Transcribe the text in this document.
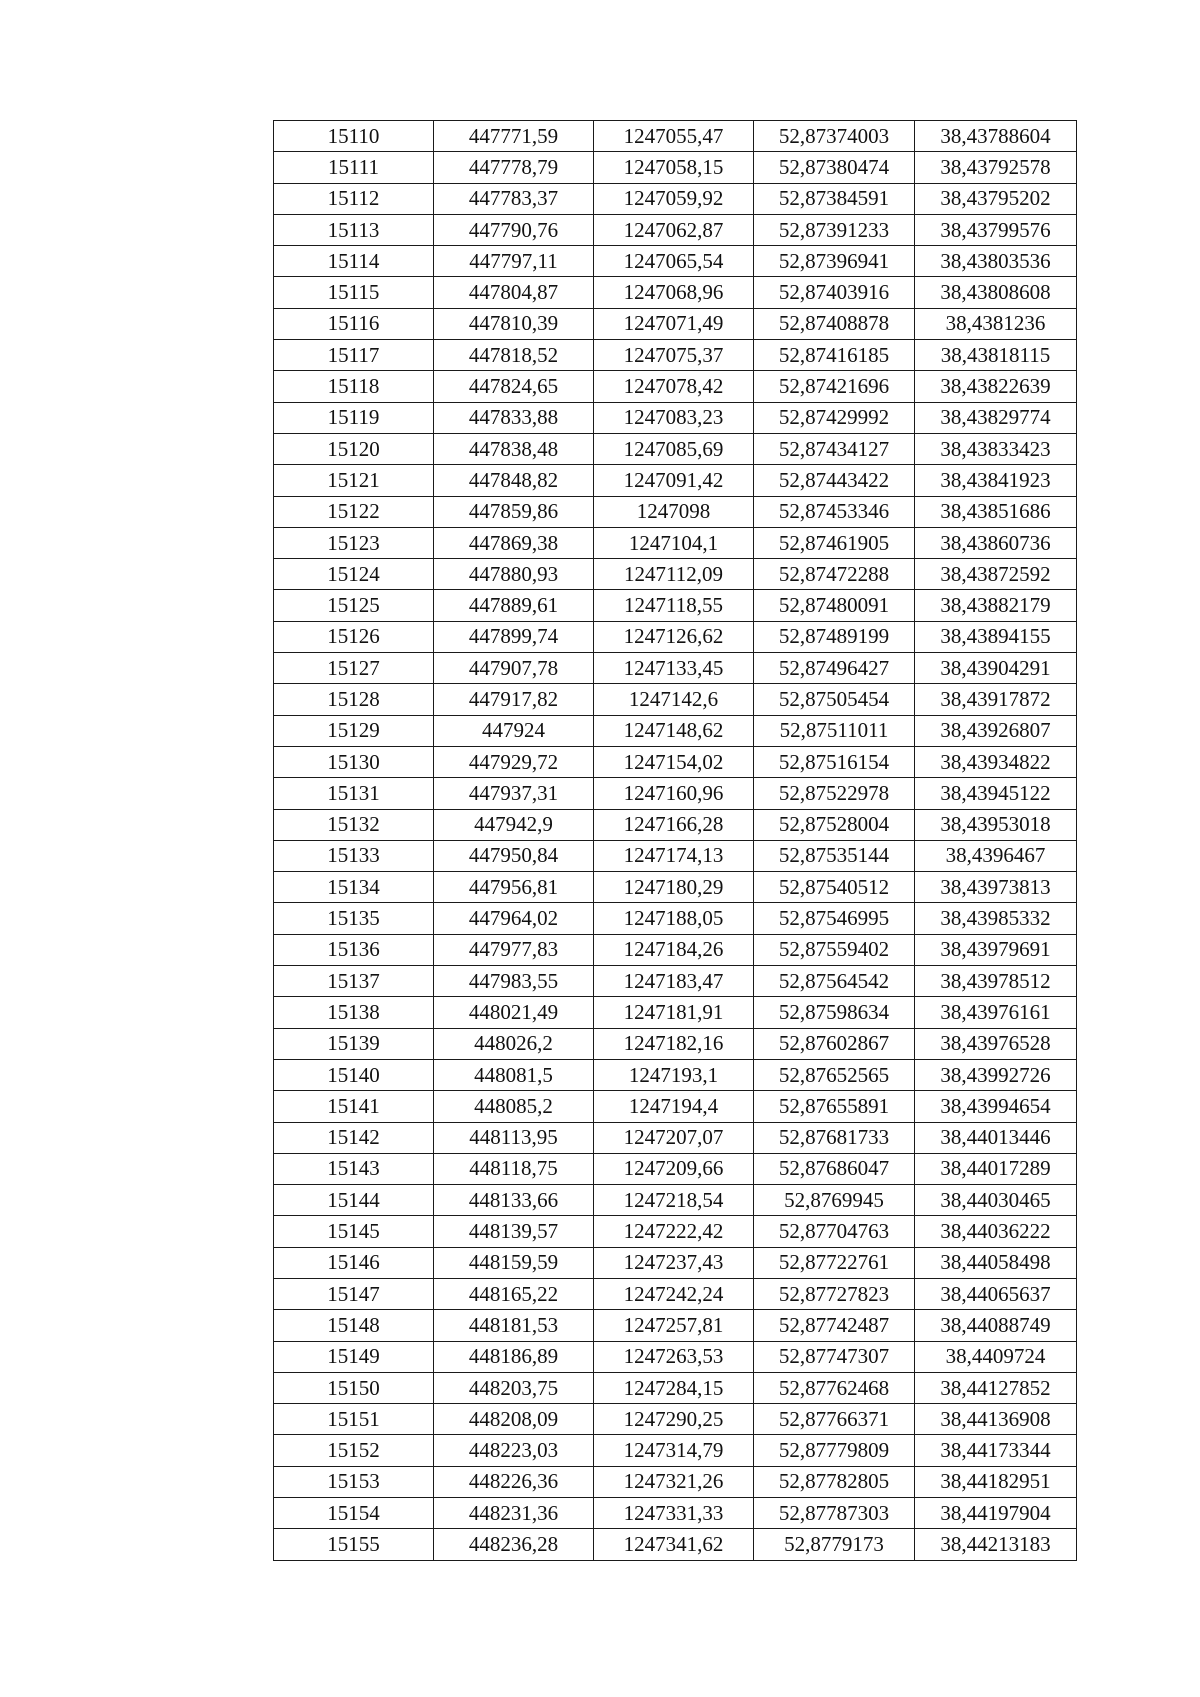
15110	447771,59	1247055,47	52,87374003	38,43788604
15111	447778,79	1247058,15	52,87380474	38,43792578
15112	447783,37	1247059,92	52,87384591	38,43795202
15113	447790,76	1247062,87	52,87391233	38,43799576
15114	447797,11	1247065,54	52,87396941	38,43803536
15115	447804,87	1247068,96	52,87403916	38,43808608
15116	447810,39	1247071,49	52,87408878	38,4381236
15117	447818,52	1247075,37	52,87416185	38,43818115
15118	447824,65	1247078,42	52,87421696	38,43822639
15119	447833,88	1247083,23	52,87429992	38,43829774
15120	447838,48	1247085,69	52,87434127	38,43833423
15121	447848,82	1247091,42	52,87443422	38,43841923
15122	447859,86	1247098	52,87453346	38,43851686
15123	447869,38	1247104,1	52,87461905	38,43860736
15124	447880,93	1247112,09	52,87472288	38,43872592
15125	447889,61	1247118,55	52,87480091	38,43882179
15126	447899,74	1247126,62	52,87489199	38,43894155
15127	447907,78	1247133,45	52,87496427	38,43904291
15128	447917,82	1247142,6	52,87505454	38,43917872
15129	447924	1247148,62	52,87511011	38,43926807
15130	447929,72	1247154,02	52,87516154	38,43934822
15131	447937,31	1247160,96	52,87522978	38,43945122
15132	447942,9	1247166,28	52,87528004	38,43953018
15133	447950,84	1247174,13	52,87535144	38,4396467
15134	447956,81	1247180,29	52,87540512	38,43973813
15135	447964,02	1247188,05	52,87546995	38,43985332
15136	447977,83	1247184,26	52,87559402	38,43979691
15137	447983,55	1247183,47	52,87564542	38,43978512
15138	448021,49	1247181,91	52,87598634	38,43976161
15139	448026,2	1247182,16	52,87602867	38,43976528
15140	448081,5	1247193,1	52,87652565	38,43992726
15141	448085,2	1247194,4	52,87655891	38,43994654
15142	448113,95	1247207,07	52,87681733	38,44013446
15143	448118,75	1247209,66	52,87686047	38,44017289
15144	448133,66	1247218,54	52,8769945	38,44030465
15145	448139,57	1247222,42	52,87704763	38,44036222
15146	448159,59	1247237,43	52,87722761	38,44058498
15147	448165,22	1247242,24	52,87727823	38,44065637
15148	448181,53	1247257,81	52,87742487	38,44088749
15149	448186,89	1247263,53	52,87747307	38,4409724
15150	448203,75	1247284,15	52,87762468	38,44127852
15151	448208,09	1247290,25	52,87766371	38,44136908
15152	448223,03	1247314,79	52,87779809	38,44173344
15153	448226,36	1247321,26	52,87782805	38,44182951
15154	448231,36	1247331,33	52,87787303	38,44197904
15155	448236,28	1247341,62	52,8779173	38,44213183
